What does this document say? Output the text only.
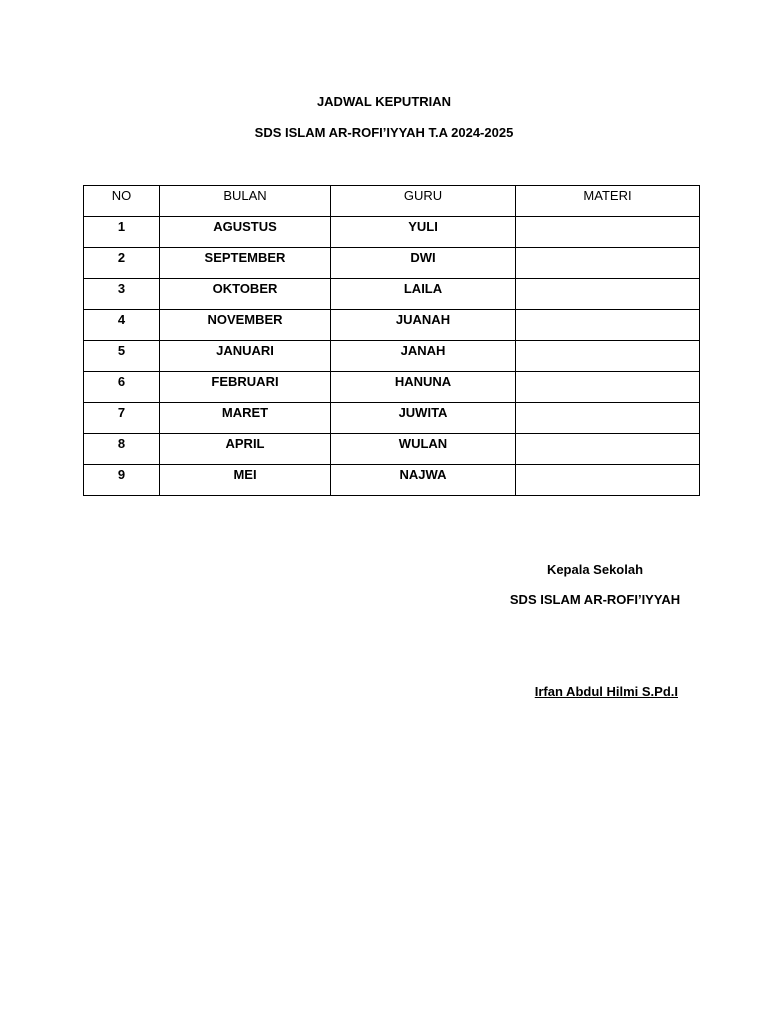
JADWAL KEPUTRIAN
SDS ISLAM AR-ROFI’IYYAH T.A 2024-2025
NO	BULAN	GURU	MATERI

1	AGUSTUS	YULI	

2	SEPTEMBER	DWI	

3	OKTOBER	LAILA	

4	NOVEMBER	JUANAH	

5	JANUARI	JANAH	

6	FEBRUARI	HANUNA	

7	MARET	JUWITA	

8	APRIL	WULAN	

9	MEI	NAJWA	

Kepala Sekolah
SDS ISLAM AR-ROFI’IYYAH
Irfan Abdul Hilmi S.Pd.I
